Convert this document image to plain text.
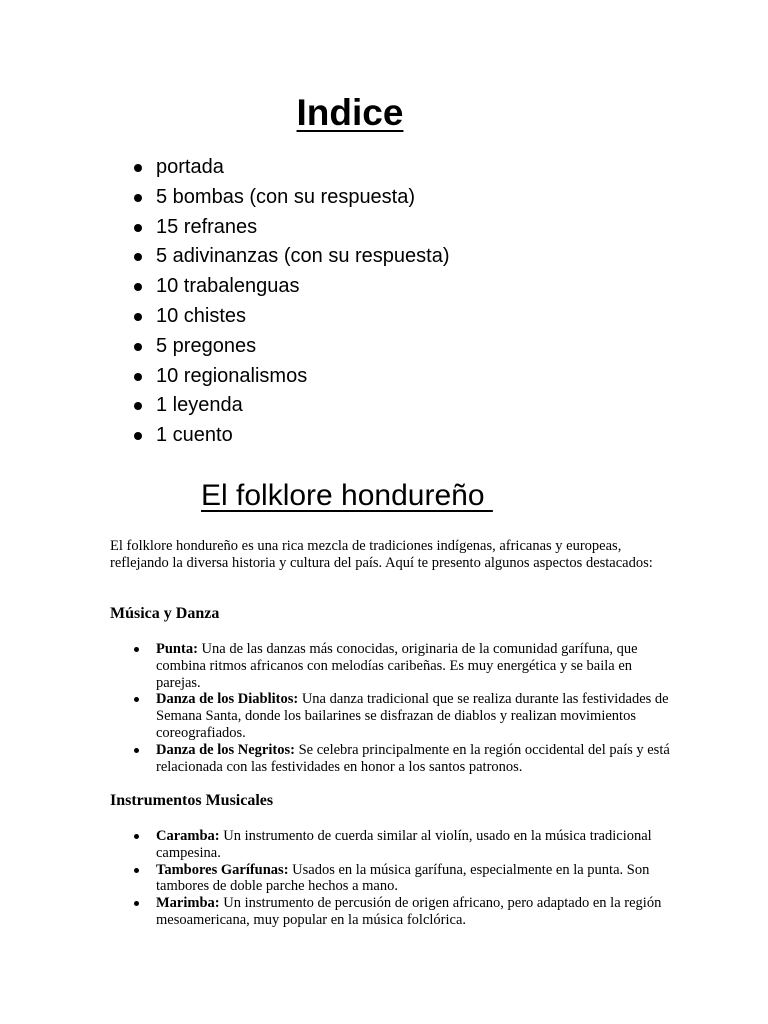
Indice
portada
5 bombas (con su respuesta)
15 refranes
5 adivinanzas (con su respuesta)
10 trabalenguas
10 chistes
5 pregones
10 regionalismos
1 leyenda
1 cuento
El folklore hondureño
El folklore hondureño es una rica mezcla de tradiciones indígenas, africanas y europeas, reflejando la diversa historia y cultura del país. Aquí te presento algunos aspectos destacados:
Música y Danza
Punta: Una de las danzas más conocidas, originaria de la comunidad garífuna, que combina ritmos africanos con melodías caribeñas. Es muy energética y se baila en parejas.
Danza de los Diablitos: Una danza tradicional que se realiza durante las festividades de Semana Santa, donde los bailarines se disfrazan de diablos y realizan movimientos coreografiados.
Danza de los Negritos: Se celebra principalmente en la región occidental del país y está relacionada con las festividades en honor a los santos patronos.
Instrumentos Musicales
Caramba: Un instrumento de cuerda similar al violín, usado en la música tradicional campesina.
Tambores Garífunas: Usados en la música garífuna, especialmente en la punta. Son tambores de doble parche hechos a mano.
Marimba: Un instrumento de percusión de origen africano, pero adaptado en la región mesoamericana, muy popular en la música folclórica.
